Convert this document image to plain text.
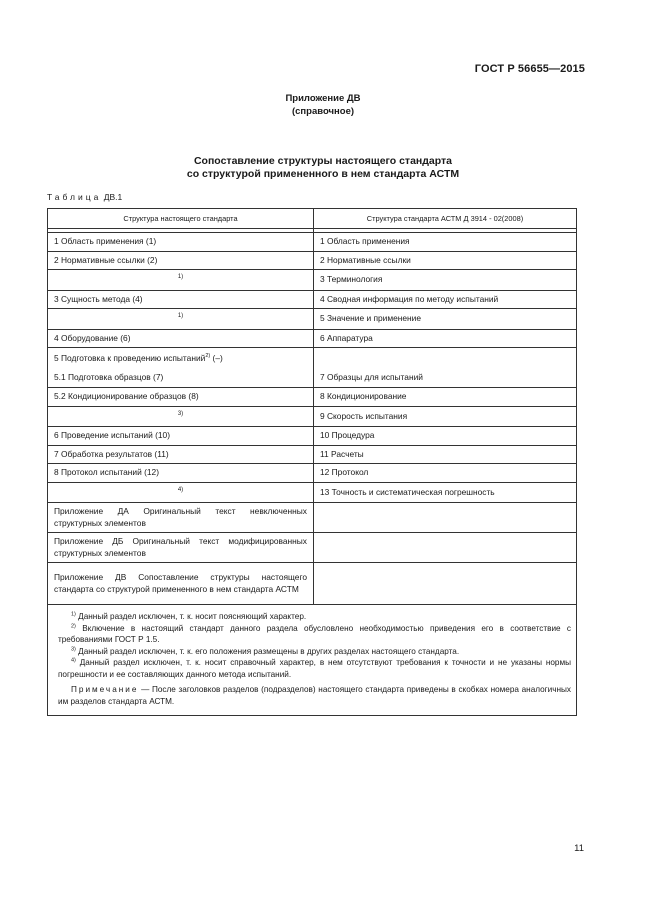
ГОСТ Р 56655—2015
Приложение ДВ
(справочное)
Сопоставление структуры настоящего стандарта
со структурой примененного в нем стандарта АСТМ
Таблица ДВ.1
Структура настоящего стандарта	Структура стандарта АСТМ Д 3914 - 02(2008)

1 Область применения (1)	1 Область применения
2 Нормативные ссылки (2)	2 Нормативные ссылки
1)	3 Терминология
3 Сущность метода (4)	4 Сводная информация по методу испытаний
1)	5 Значение и применение
4 Оборудование (6)	6 Аппаратура

5 Подготовка к проведению испытаний$^{2)}$ (–)
5.1 Подготовка образцов (7)	7 Образцы для испытаний

5.2 Кондиционирование образцов (8)	8 Кондиционирование
3)	9 Скорость испытания
6 Проведение испытаний (10)	10 Процедура
7 Обработка результатов (11)	11 Расчеты
8 Протокол испытаний (12)	12 Протокол
4)	13 Точность и систематическая погрешность
Приложение ДА Оригинальный текст невключенных структурных элементов	
Приложение ДБ Оригинальный текст модифицированных структурных элементов	
Приложение ДВ Сопоставление структуры настоящего стандарта со структурой примененного в нем стандарта АСТМ	

$^{1)}$ Данный раздел исключен, т. к. носит поясняющий характер.

$^{2)}$ Включение в настоящий стандарт данного раздела обусловлено необходимостью приведения его в соответствие с требованиями ГОСТ Р 1.5.

$^{3)}$ Данный раздел исключен, т. к. его положения размещены в других разделах настоящего стандарта.

$^{4)}$ Данный раздел исключен, т. к. носит справочный характер, в нем отсутствуют требования к точности и не указаны нормы погрешности и ее составляющих данного метода испытаний.

Примечание — После заголовков разделов (подразделов) настоящего стандарта приведены в скобках номера аналогичных им разделов стандарта АСТМ.	

11
